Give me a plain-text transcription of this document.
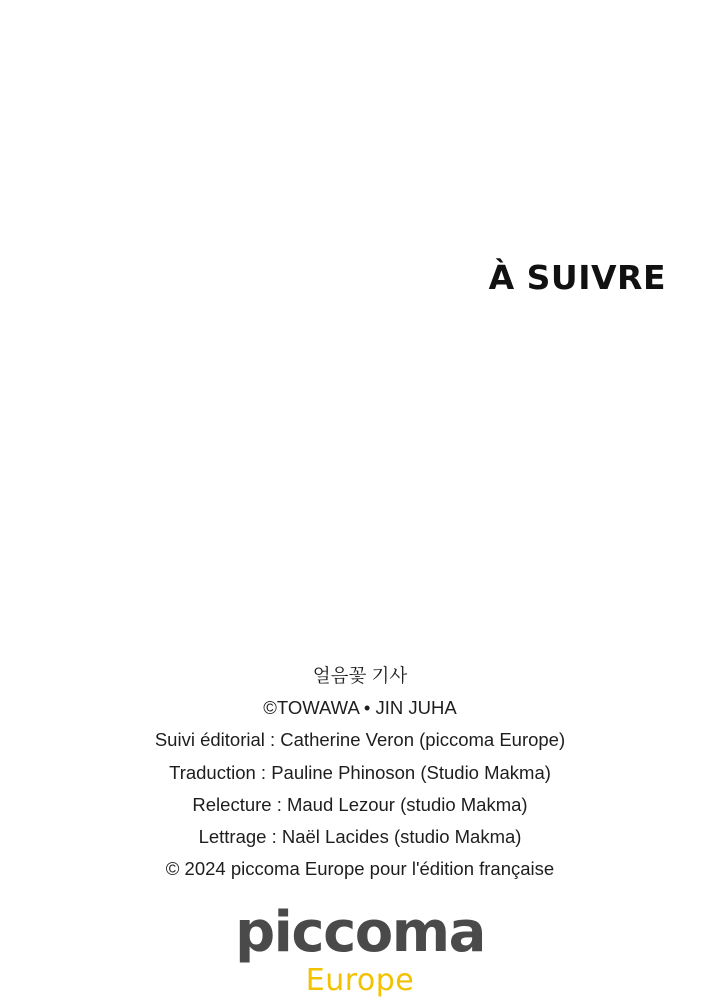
À SUIVRE
얼음꽃 기사
©TOWAWA • JIN JUHA
Suivi éditorial : Catherine Veron (piccoma Europe)
Traduction : Pauline Phinoson (Studio Makma)
Relecture : Maud Lezour (studio Makma)
Lettrage : Naël Lacides (studio Makma)
© 2024 piccoma Europe pour l'édition française
piccoma
Europe
